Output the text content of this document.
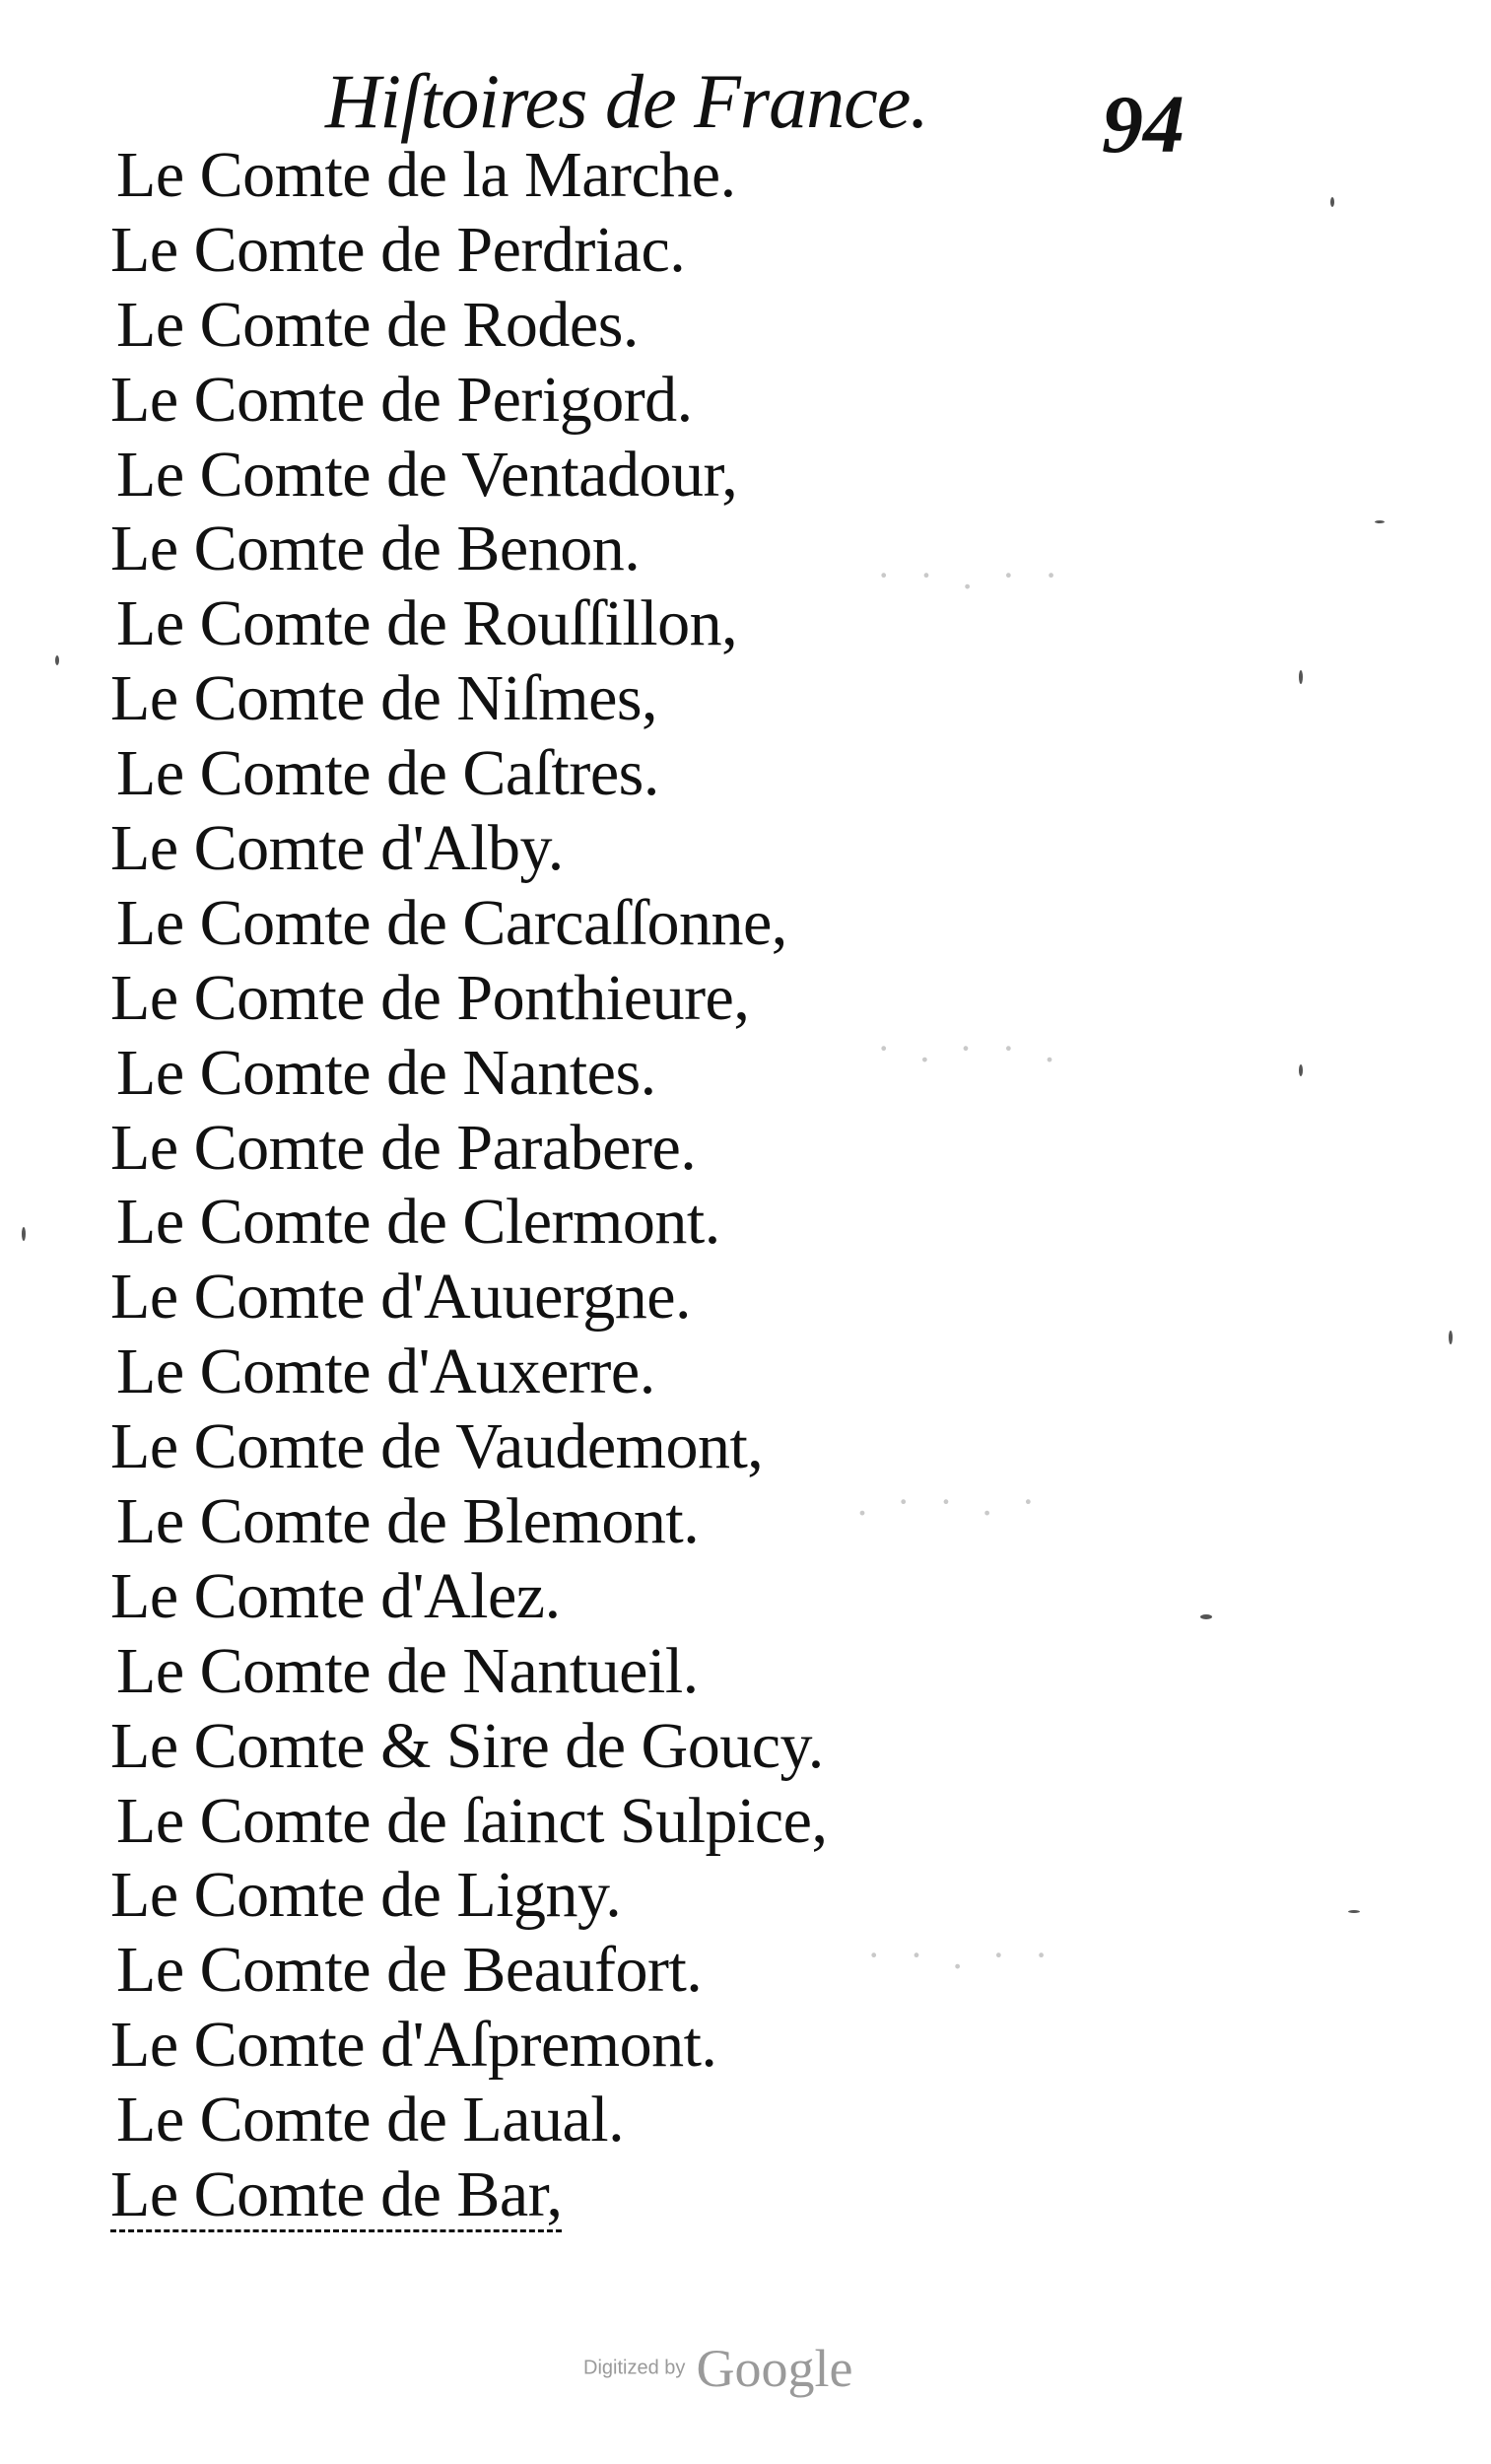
Hiſtoires de France. 94
Le Comte de la Marche.
Le Comte de Perdriac.
Le Comte de Rodes.
Le Comte de Perigord.
Le Comte de Ventadour,
Le Comte de Benon.
Le Comte de Rouſſillon,
Le Comte de Niſmes,
Le Comte de Caſtres.
Le Comte d'Alby.
Le Comte de Carcaſſonne,
Le Comte de Ponthieure,
Le Comte de Nantes.
Le Comte de Parabere.
Le Comte de Clermont.
Le Comte d'Auuergne.
Le Comte d'Auxerre.
Le Comte de Vaudemont,
Le Comte de Blemont.
Le Comte d'Alez.
Le Comte de Nantueil.
Le Comte & Sire de Goucy.
Le Comte de ſainct Sulpice,
Le Comte de Ligny.
Le Comte de Beaufort.
Le Comte d'Aſpremont.
Le Comte de Laual.
Le Comte de Bar,
· · . · ·
. · · . ·
· . · · .
· · . · ·
Digitized by Google
